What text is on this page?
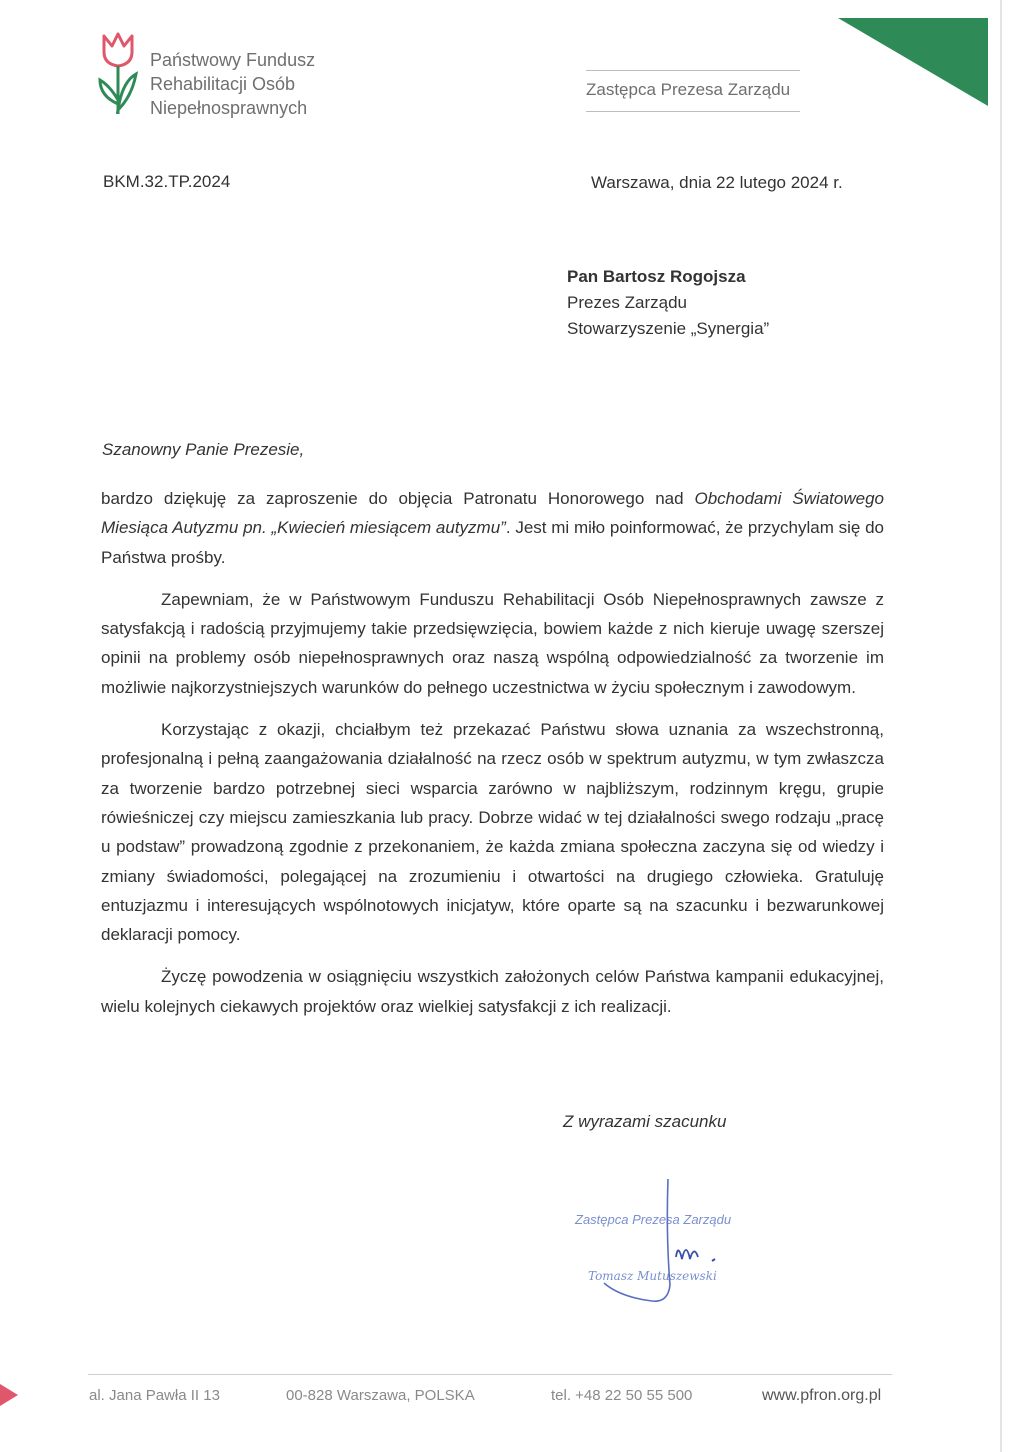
Państwowy Fundusz
Rehabilitacji Osób
Niepełnosprawnych
Zastępca Prezesa Zarządu
BKM.32.TP.2024	Warszawa, dnia 22 lutego 2024 r.
Pan Bartosz Rogojsza
Prezes Zarządu
Stowarzyszenie „Synergia”
Szanowny Panie Prezesie,

bardzo dziękuję za zaproszenie do objęcia Patronatu Honorowego nad Obchodami Światowego Miesiąca Autyzmu pn. „Kwiecień miesiącem autyzmu”. Jest mi miło poinformować, że przychylam się do Państwa prośby.

Zapewniam, że w Państwowym Funduszu Rehabilitacji Osób Niepełnosprawnych zawsze z satysfakcją i radością przyjmujemy takie przedsięwzięcia, bowiem każde z nich kieruje uwagę szerszej opinii na problemy osób niepełnosprawnych oraz naszą wspólną odpowiedzialność za tworzenie im możliwie najkorzystniejszych warunków do pełnego uczestnictwa w życiu społecznym i zawodowym.

Korzystając z okazji, chciałbym też przekazać Państwu słowa uznania za wszechstronną, profesjonalną i pełną zaangażowania działalność na rzecz osób w spektrum autyzmu, w tym zwłaszcza za tworzenie bardzo potrzebnej sieci wsparcia zarówno w najbliższym, rodzinnym kręgu, grupie rówieśniczej czy miejscu zamieszkania lub pracy. Dobrze widać w tej działalności swego rodzaju „pracę u podstaw” prowadzoną zgodnie z przekonaniem, że każda zmiana społeczna zaczyna się od wiedzy i zmiany świadomości, polegającej na zrozumieniu i otwartości na drugiego człowieka. Gratuluję entuzjazmu i interesujących wspólnotowych inicjatyw, które oparte są na szacunku i bezwarunkowej deklaracji pomocy.

Życzę powodzenia w osiągnięciu wszystkich założonych celów Państwa kampanii edukacyjnej, wielu kolejnych ciekawych projektów oraz wielkiej satysfakcji z ich realizacji.

Z wyrazami szacunku
Zastępca Prezesa Zarządu
Tomasz Mutuszewski
al. Jana Pawła II 13	00-828 Warszawa, POLSKA	tel. +48 22 50 55 500	www.pfron.org.pl
